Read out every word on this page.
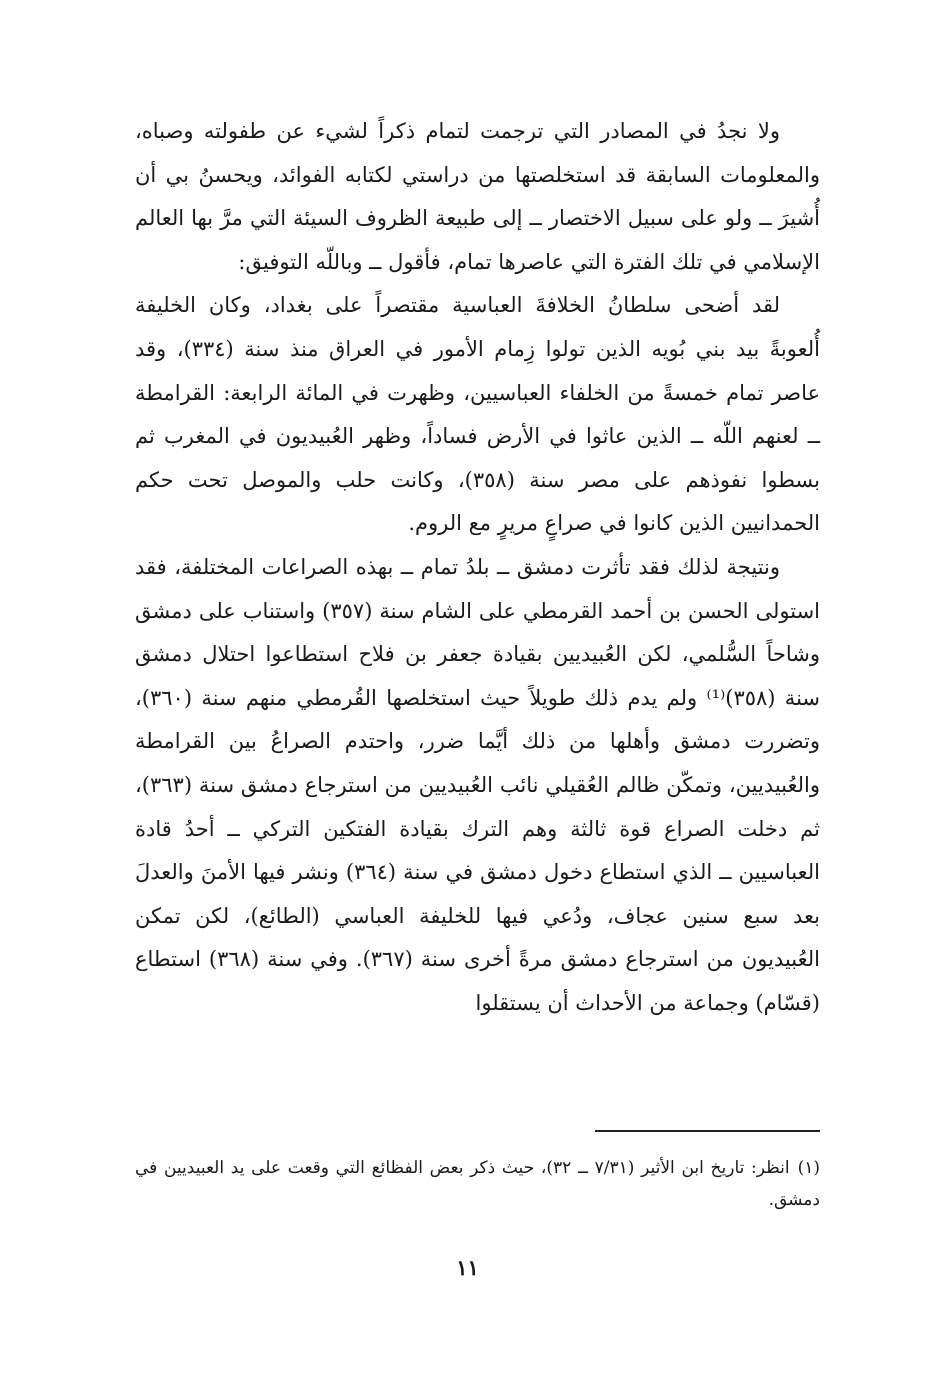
ولا نجدُ في المصادر التي ترجمت لتمام ذكراً لشيء عن طفولته وصباه، والمعلومات السابقة قد استخلصتها من دراستي لكتابه الفوائد، ويحسنُ بي أن أُشيرَ ــ ولو على سبيل الاختصار ــ إلى طبيعة الظروف السيئة التي مرَّ بها العالم الإسلامي في تلك الفترة التي عاصرها تمام، فأقول ــ وباللّه التوفيق:

لقد أضحى سلطانُ الخلافةَ العباسية مقتصراً على بغداد، وكان الخليفة أُلعوبةً بيد بني بُويه الذين تولوا زِمام الأمور في العراق منذ سنة (٣٣٤)، وقد عاصر تمام خمسةً من الخلفاء العباسيين، وظهرت في المائة الرابعة: القرامطة ــ لعنهم اللّه ــ الذين عاثوا في الأرض فساداً، وظهر العُبيديون في المغرب ثم بسطوا نفوذهم على مصر سنة (٣٥٨)، وكانت حلب والموصل تحت حكم الحمدانيين الذين كانوا في صراعٍ مريرٍ مع الروم.

ونتيجة لذلك فقد تأثرت دمشق ــ بلدُ تمام ــ بهذه الصراعات المختلفة، فقد استولى الحسن بن أحمد القرمطي على الشام سنة (٣٥٧) واستناب على دمشق وشاحاً السُّلمي، لكن العُبيديين بقيادة جعفر بن فلاح استطاعوا احتلال دمشق سنة (٣٥٨)⁽¹⁾ ولم يدم ذلك طويلاً حيث استخلصها القُرمطي منهم سنة (٣٦٠)، وتضررت دمشق وأهلها من ذلك أيَّما ضرر، واحتدم الصراعُ بين القرامطة والعُبيديين، وتمكّن ظالم العُقيلي نائب العُبيديين من استرجاع دمشق سنة (٣٦٣)، ثم دخلت الصراع قوة ثالثة وهم الترك بقيادة الفتكين التركي ــ أحدُ قادة العباسيين ــ الذي استطاع دخول دمشق في سنة (٣٦٤) ونشر فيها الأمنَ والعدلَ بعد سبع سنين عجاف، ودُعي فيها للخليفة العباسي (الطائع)، لكن تمكن العُبيديون من استرجاع دمشق مرةً أخرى سنة (٣٦٧). وفي سنة (٣٦٨) استطاع (قسّام) وجماعة من الأحداث أن يستقلوا

(١)انظر: تاريخ ابن الأثير (٧/٣١ ــ ٣٢)، حيث ذكر بعض الفظائع التي وقعت على يد العبيديين في دمشق.

١١
